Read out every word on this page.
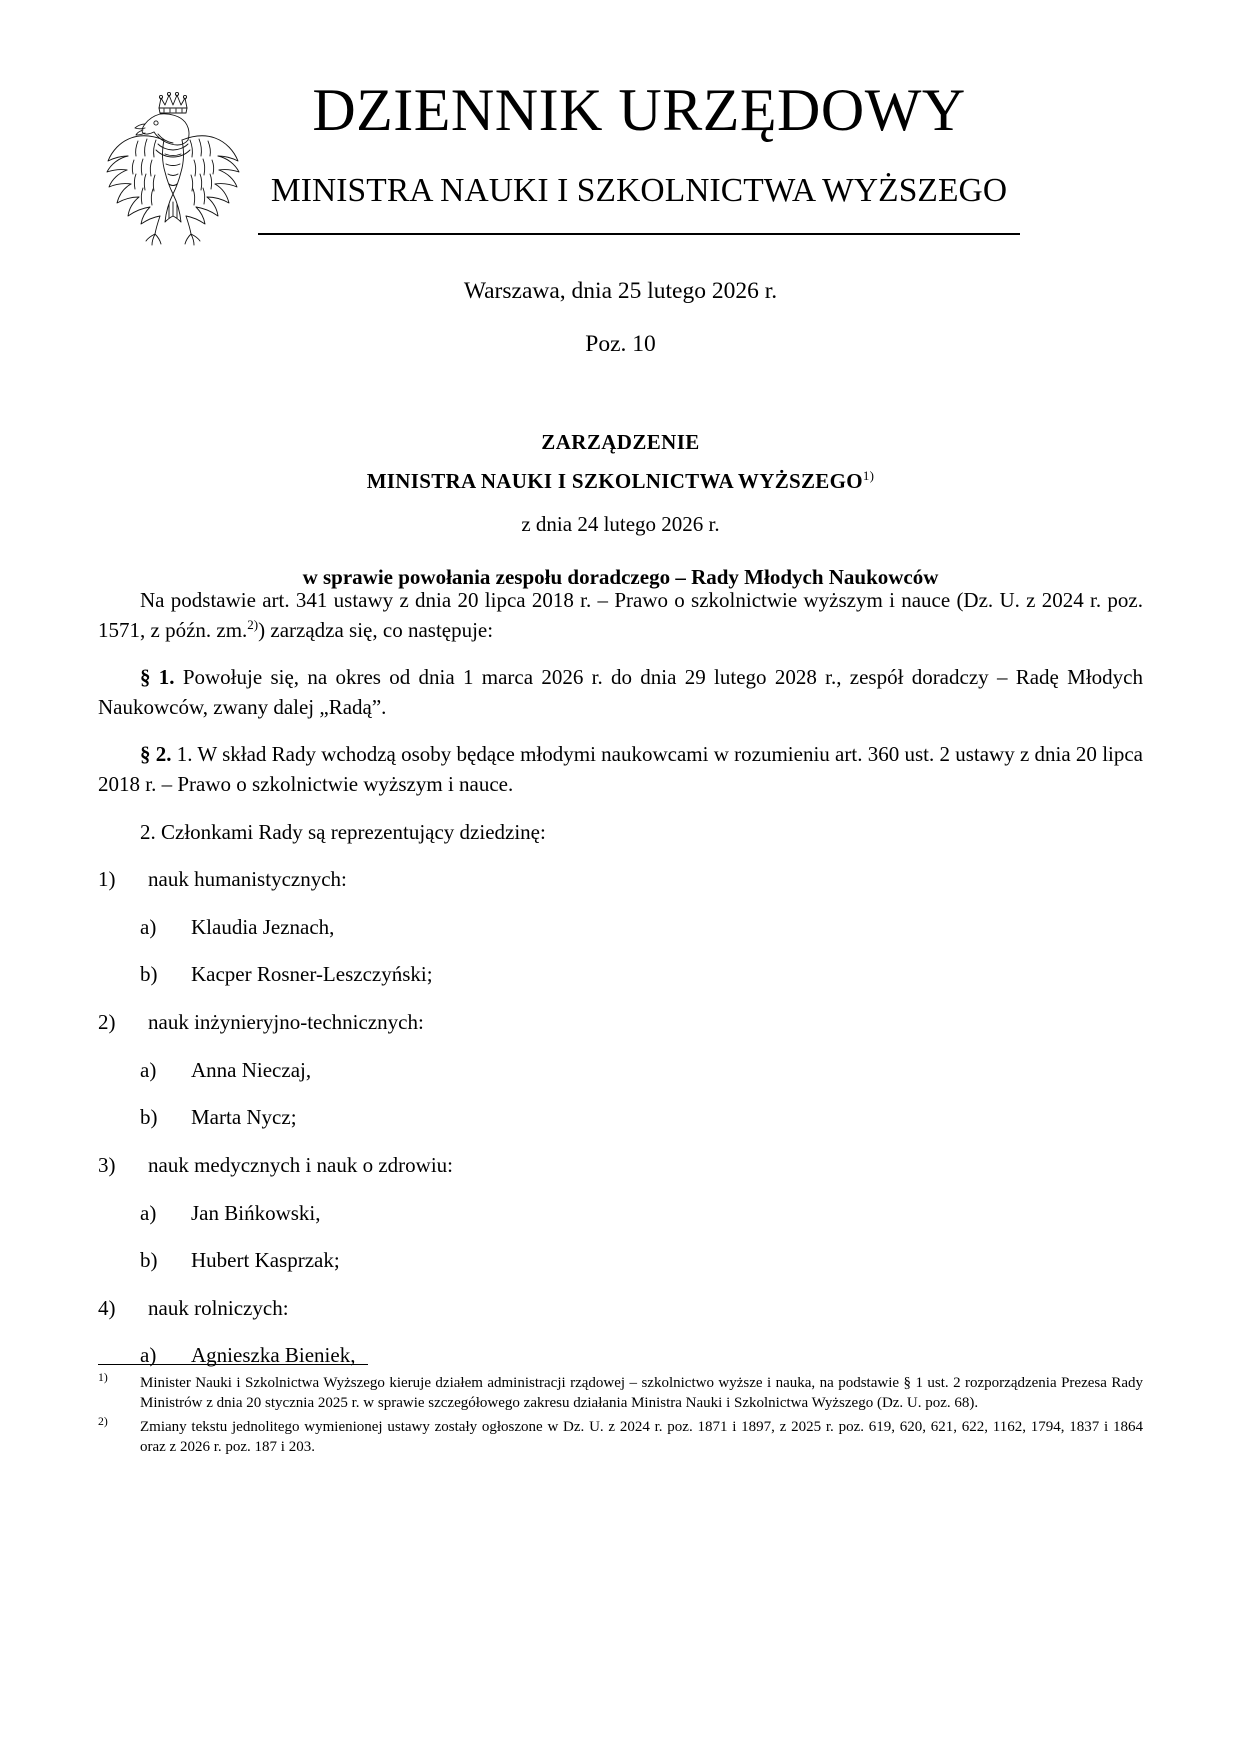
DZIENNIK URZĘDOWY
MINISTRA NAUKI I SZKOLNICTWA WYŻSZEGO
Warszawa, dnia 25 lutego 2026 r.
Poz. 10
ZARZĄDZENIE
MINISTRA NAUKI I SZKOLNICTWA WYŻSZEGO$^{1)}$
z dnia 24 lutego 2026 r.
w sprawie powołania zespołu doradczego – Rady Młodych Naukowców

Na podstawie art. 341 ustawy z dnia 20 lipca 2018 r. – Prawo o szkolnictwie wyższym i nauce (Dz. U. z 2024 r. poz. 1571, z późn. zm.$^{2)}$) zarządza się, co następuje:

§ 1. Powołuje się, na okres od dnia 1 marca 2026 r. do dnia 29 lutego 2028 r., zespół doradczy – Radę Młodych Naukowców, zwany dalej „Radą”.

§ 2. 1. W skład Rady wchodzą osoby będące młodymi naukowcami w rozumieniu art. 360 ust. 2 ustawy z dnia 20 lipca 2018 r. – Prawo o szkolnictwie wyższym i nauce.

2. Członkami Rady są reprezentujący dziedzinę:

1)	nauk humanistycznych:
a)	Klaudia Jeznach,
b)	Kacper Rosner-Leszczyński;
2)	nauk inżynieryjno-technicznych:
a)	Anna Nieczaj,
b)	Marta Nycz;
3)	nauk medycznych i nauk o zdrowiu:
a)	Jan Bińkowski,
b)	Hubert Kasprzak;
4)	nauk rolniczych:
a)	Agnieszka Bieniek,
$^{1)}$	Minister Nauki i Szkolnictwa Wyższego kieruje działem administracji rządowej – szkolnictwo wyższe i nauka, na podstawie § 1 ust. 2 rozporządzenia Prezesa Rady Ministrów z dnia 20 stycznia 2025 r. w sprawie szczegółowego zakresu działania Ministra Nauki i Szkolnictwa Wyższego (Dz. U. poz. 68).
$^{2)}$	Zmiany tekstu jednolitego wymienionej ustawy zostały ogłoszone w Dz. U. z 2024 r. poz. 1871 i 1897, z 2025 r. poz. 619, 620, 621, 622, 1162, 1794, 1837 i 1864 oraz z 2026 r. poz. 187 i 203.
